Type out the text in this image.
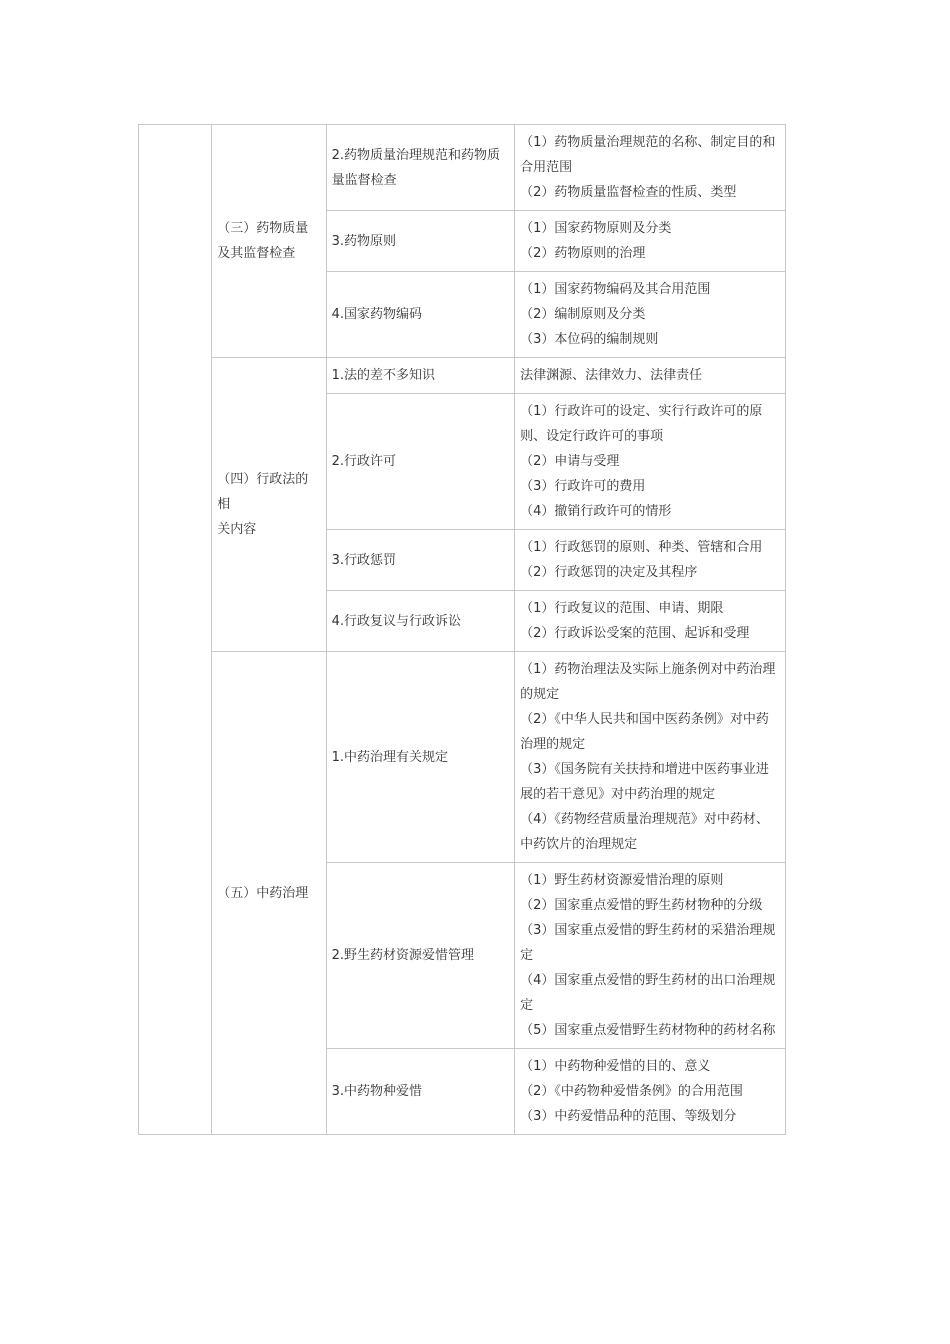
	（三）药物质量及其监督检查	2.药物质量治理规范和药物质量监督检查	（1）药物质量治理规范的名称、制定目的和合用范围
（2）药物质量监督检查的性质、类型

		3.药物原则	（1）国家药物原则及分类
（2）药物原则的治理

		4.国家药物编码	（1）国家药物编码及其合用范围
（2）编制原则及分类
（3）本位码的编制规则

	（四）行政法的相
关内容	1.法的差不多知识	法律渊源、法律效力、法律责任

		2.行政许可	（1）行政许可的设定、实行行政许可的原则、设定行政许可的事项
（2）申请与受理
（3）行政许可的费用
（4）撤销行政许可的情形

		3.行政惩罚	（1）行政惩罚的原则、种类、管辖和合用
（2）行政惩罚的决定及其程序

		4.行政复议与行政诉讼	（1）行政复议的范围、申请、期限
（2）行政诉讼受案的范围、起诉和受理

	（五）中药治理	1.中药治理有关规定	（1）药物治理法及实际上施条例对中药治理的规定
（2）《中华人民共和国中医药条例》对中药治理的规定
（3）《国务院有关扶持和增进中医药事业进展的若干意见》对中药治理的规定
（4）《药物经营质量治理规范》对中药材、中药饮片的治理规定

		2.野生药材资源爱惜管理	（1）野生药材资源爱惜治理的原则
（2）国家重点爱惜的野生药材物种的分级
（3）国家重点爱惜的野生药材的采猎治理规定
（4）国家重点爱惜的野生药材的出口治理规定
（5）国家重点爱惜野生药材物种的药材名称

		3.中药物种爱惜	（1）中药物种爱惜的目的、意义
（2）《中药物种爱惜条例》的合用范围
（3）中药爱惜品种的范围、等级划分
